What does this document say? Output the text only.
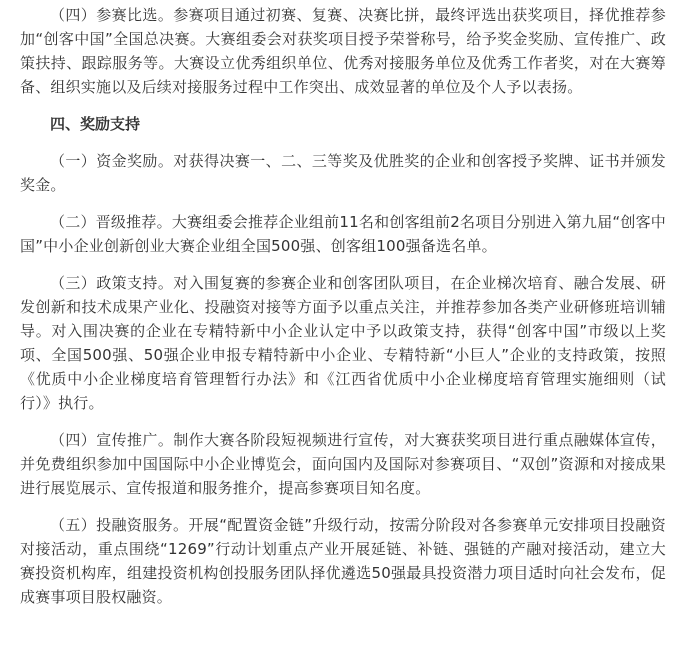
（四）参赛比选。参赛项目通过初赛、复赛、决赛比拼，最终评选出获奖项目，择优推荐参加“创客中国”全国总决赛。大赛组委会对获奖项目授予荣誉称号，给予奖金奖励、宣传推广、政策扶持、跟踪服务等。大赛设立优秀组织单位、优秀对接服务单位及优秀工作者奖，对在大赛筹备、组织实施以及后续对接服务过程中工作突出、成效显著的单位及个人予以表扬。

四、奖励支持

（一）资金奖励。对获得决赛一、二、三等奖及优胜奖的企业和创客授予奖牌、证书并颁发奖金。

（二）晋级推荐。大赛组委会推荐企业组前11名和创客组前2名项目分别进入第九届“创客中国”中小企业创新创业大赛企业组全国500强、创客组100强备选名单。

（三）政策支持。对入围复赛的参赛企业和创客团队项目，在企业梯次培育、融合发展、研发创新和技术成果产业化、投融资对接等方面予以重点关注，并推荐参加各类产业研修班培训辅导。对入围决赛的企业在专精特新中小企业认定中予以政策支持，获得“创客中国”市级以上奖项、全国500强、50强企业申报专精特新中小企业、专精特新“小巨人”企业的支持政策，按照《优质中小企业梯度培育管理暂行办法》和《江西省优质中小企业梯度培育管理实施细则（试行）》执行。

（四）宣传推广。制作大赛各阶段短视频进行宣传，对大赛获奖项目进行重点融媒体宣传，并免费组织参加中国国际中小企业博览会，面向国内及国际对参赛项目、“双创”资源和对接成果进行展览展示、宣传报道和服务推介，提高参赛项目知名度。

（五）投融资服务。开展“配置资金链”升级行动，按需分阶段对各参赛单元安排项目投融资对接活动，重点围绕“1269”行动计划重点产业开展延链、补链、强链的产融对接活动，建立大赛投资机构库，组建投资机构创投服务团队择优遴选50强最具投资潜力项目适时向社会发布，促成赛事项目股权融资。
